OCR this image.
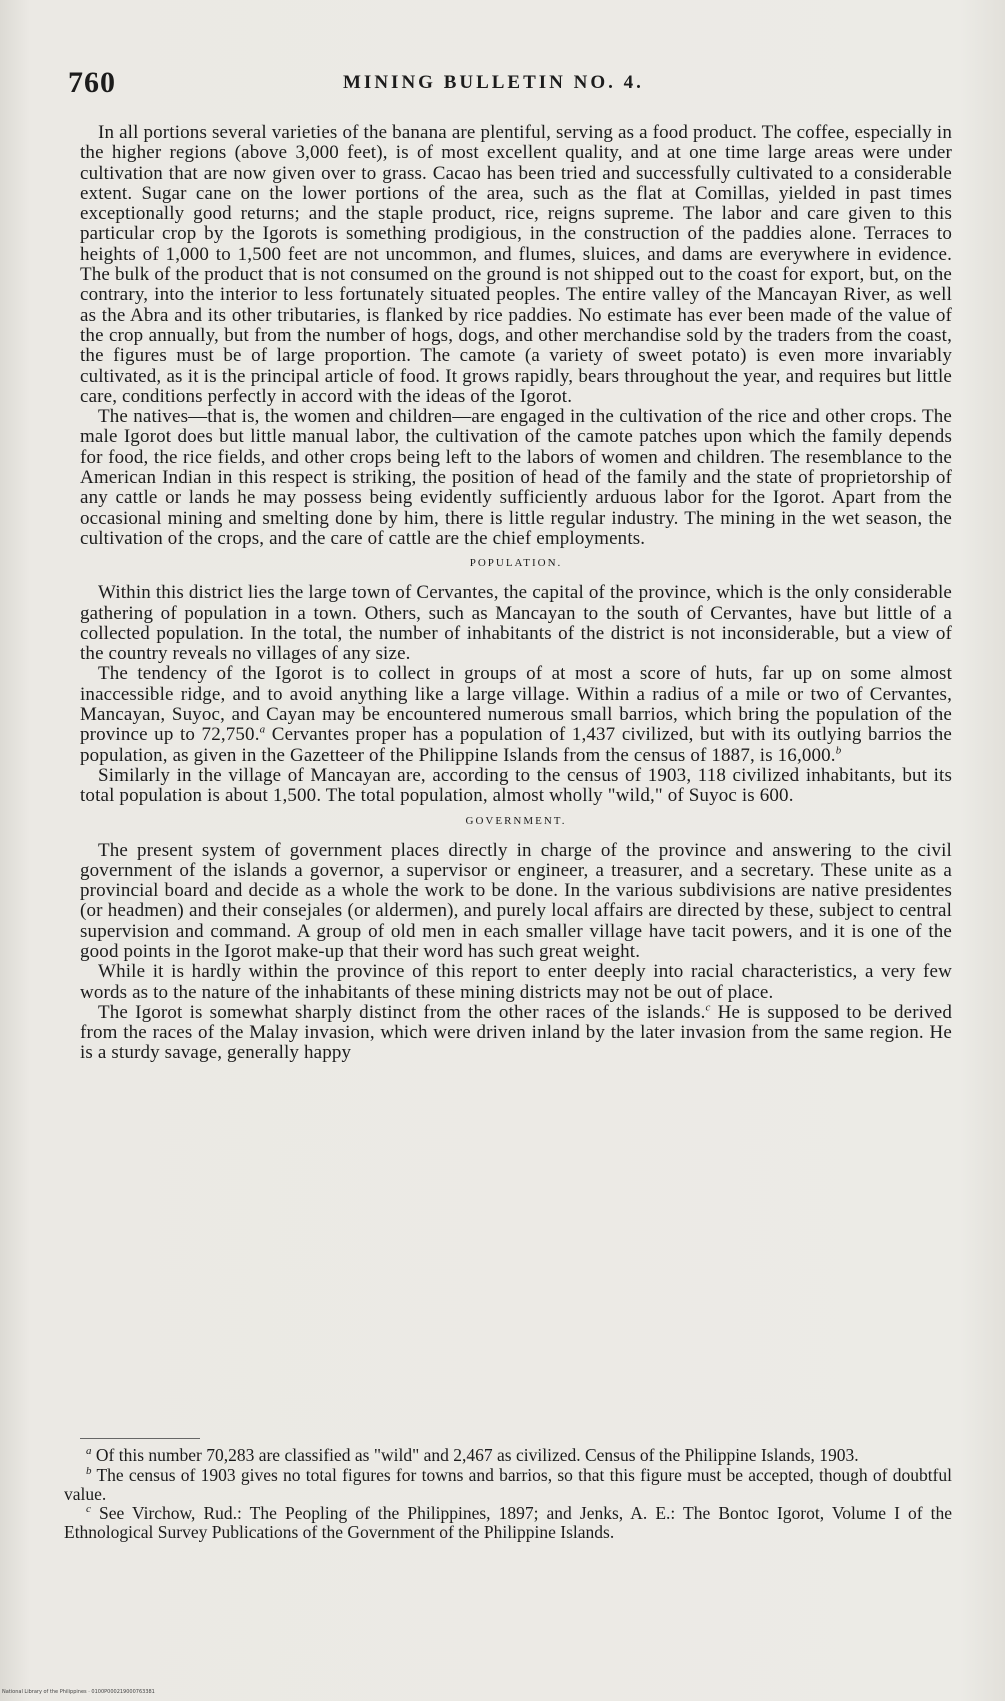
760	MINING BULLETIN NO. 4.

In all portions several varieties of the banana are plentiful, serving as a food product. The coffee, especially in the higher regions (above 3,000 feet), is of most excellent quality, and at one time large areas were under cultivation that are now given over to grass. Cacao has been tried and successfully cultivated to a considerable extent. Sugar cane on the lower portions of the area, such as the flat at Comillas, yielded in past times exceptionally good returns; and the staple product, rice, reigns supreme. The labor and care given to this particular crop by the Igorots is something prodigious, in the construction of the paddies alone. Terraces to heights of 1,000 to 1,500 feet are not uncommon, and flumes, sluices, and dams are everywhere in evidence. The bulk of the product that is not consumed on the ground is not shipped out to the coast for export, but, on the contrary, into the interior to less fortunately situated peoples. The entire valley of the Mancayan River, as well as the Abra and its other tributaries, is flanked by rice paddies. No estimate has ever been made of the value of the crop annually, but from the number of hogs, dogs, and other merchandise sold by the traders from the coast, the figures must be of large proportion. The camote (a variety of sweet potato) is even more invariably cultivated, as it is the principal article of food. It grows rapidly, bears throughout the year, and requires but little care, conditions perfectly in accord with the ideas of the Igorot.

The natives—that is, the women and children—are engaged in the cultivation of the rice and other crops. The male Igorot does but little manual labor, the cultivation of the camote patches upon which the family depends for food, the rice fields, and other crops being left to the labors of women and children. The resemblance to the American Indian in this respect is striking, the position of head of the family and the state of proprietorship of any cattle or lands he may possess being evidently sufficiently arduous labor for the Igorot. Apart from the occasional mining and smelting done by him, there is little regular industry. The mining in the wet season, the cultivation of the crops, and the care of cattle are the chief employments.

POPULATION.

Within this district lies the large town of Cervantes, the capital of the province, which is the only considerable gathering of population in a town. Others, such as Mancayan to the south of Cervantes, have but little of a collected population. In the total, the number of inhabitants of the district is not inconsiderable, but a view of the country reveals no villages of any size.

The tendency of the Igorot is to collect in groups of at most a score of huts, far up on some almost inaccessible ridge, and to avoid anything like a large village. Within a radius of a mile or two of Cervantes, Mancayan, Suyoc, and Cayan may be encountered numerous small barrios, which bring the population of the province up to 72,750.$^a$ Cervantes proper has a population of 1,437 civilized, but with its outlying barrios the population, as given in the Gazetteer of the Philippine Islands from the census of 1887, is 16,000.$^b$

Similarly in the village of Mancayan are, according to the census of 1903, 118 civilized inhabitants, but its total population is about 1,500. The total population, almost wholly "wild," of Suyoc is 600.

GOVERNMENT.

The present system of government places directly in charge of the province and answering to the civil government of the islands a governor, a supervisor or engineer, a treasurer, and a secretary. These unite as a provincial board and decide as a whole the work to be done. In the various subdivisions are native presidentes (or headmen) and their consejales (or aldermen), and purely local affairs are directed by these, subject to central supervision and command. A group of old men in each smaller village have tacit powers, and it is one of the good points in the Igorot make-up that their word has such great weight.

While it is hardly within the province of this report to enter deeply into racial characteristics, a very few words as to the nature of the inhabitants of these mining districts may not be out of place.

The Igorot is somewhat sharply distinct from the other races of the islands.$^c$ He is supposed to be derived from the races of the Malay invasion, which were driven inland by the later invasion from the same region. He is a sturdy savage, generally happy

$^a$ Of this number 70,283 are classified as "wild" and 2,467 as civilized. Census of the Philippine Islands, 1903.

$^b$ The census of 1903 gives no total figures for towns and barrios, so that this figure must be accepted, though of doubtful value.

$^c$ See Virchow, Rud.: The Peopling of the Philippines, 1897; and Jenks, A. E.: The Bontoc Igorot, Volume I of the Ethnological Survey Publications of the Government of the Philippine Islands.

National Library of the Philippines · 0100P000219000763381
